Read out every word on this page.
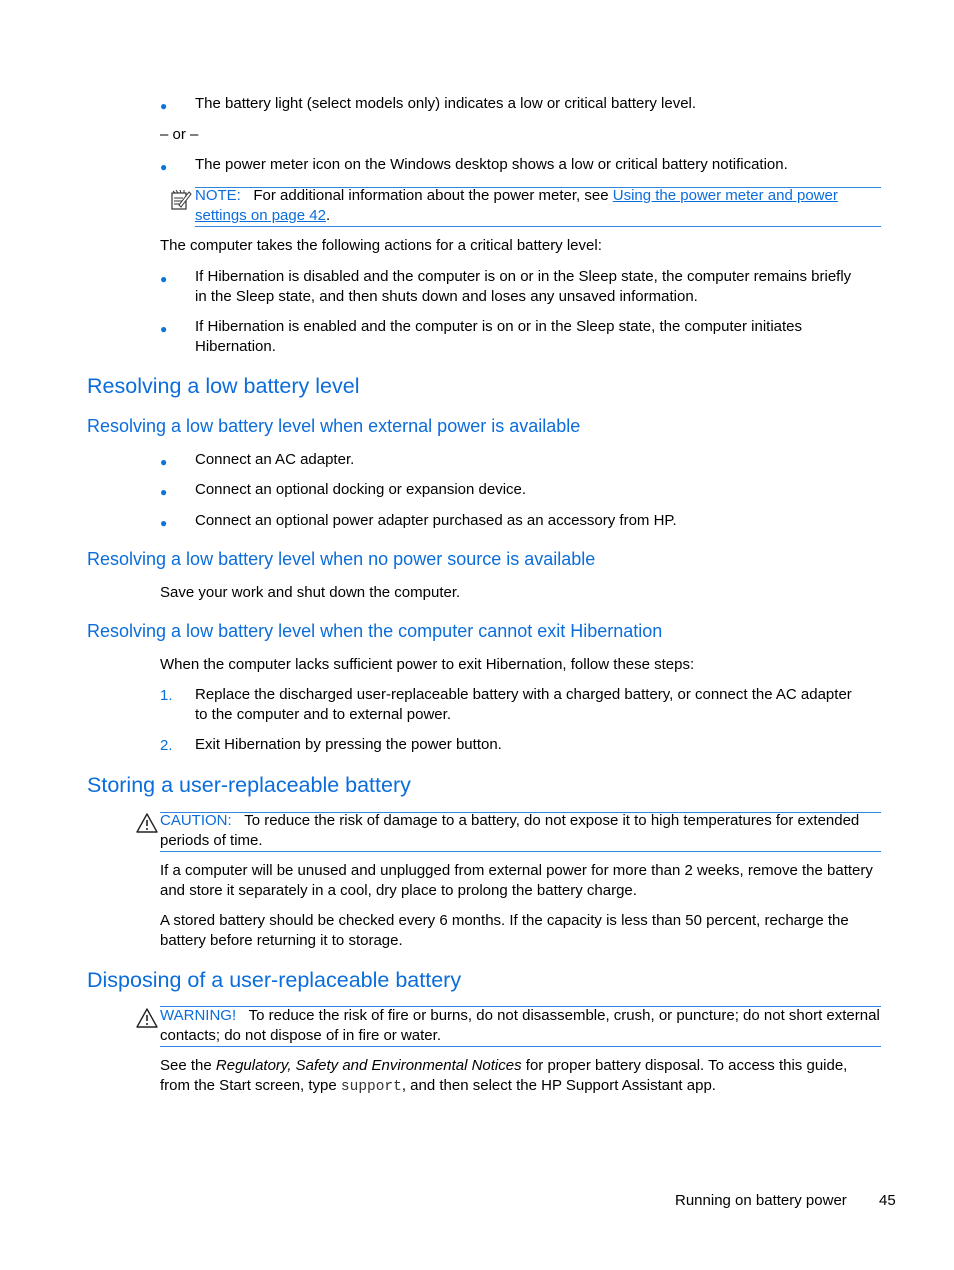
● The battery light (select models only) indicates a low or critical battery level.
– or –
● The power meter icon on the Windows desktop shows a low or critical battery notification.
NOTE: For additional information about the power meter, see Using the power meter and power settings on page 42.
The computer takes the following actions for a critical battery level:
● If Hibernation is disabled and the computer is on or in the Sleep state, the computer remains briefly in the Sleep state, and then shuts down and loses any unsaved information.
● If Hibernation is enabled and the computer is on or in the Sleep state, the computer initiates Hibernation.
Resolving a low battery level
Resolving a low battery level when external power is available
● Connect an AC adapter.
● Connect an optional docking or expansion device.
● Connect an optional power adapter purchased as an accessory from HP.
Resolving a low battery level when no power source is available
Save your work and shut down the computer.
Resolving a low battery level when the computer cannot exit Hibernation
When the computer lacks sufficient power to exit Hibernation, follow these steps:
1. Replace the discharged user-replaceable battery with a charged battery, or connect the AC adapter to the computer and to external power.
2. Exit Hibernation by pressing the power button.
Storing a user-replaceable battery
CAUTION: To reduce the risk of damage to a battery, do not expose it to high temperatures for extended periods of time.
If a computer will be unused and unplugged from external power for more than 2 weeks, remove the battery and store it separately in a cool, dry place to prolong the battery charge.
A stored battery should be checked every 6 months. If the capacity is less than 50 percent, recharge the battery before returning it to storage.
Disposing of a user-replaceable battery
WARNING! To reduce the risk of fire or burns, do not disassemble, crush, or puncture; do not short external contacts; do not dispose of in fire or water.
See the Regulatory, Safety and Environmental Notices for proper battery disposal. To access this guide, from the Start screen, type support, and then select the HP Support Assistant app.
Running on battery power 45
